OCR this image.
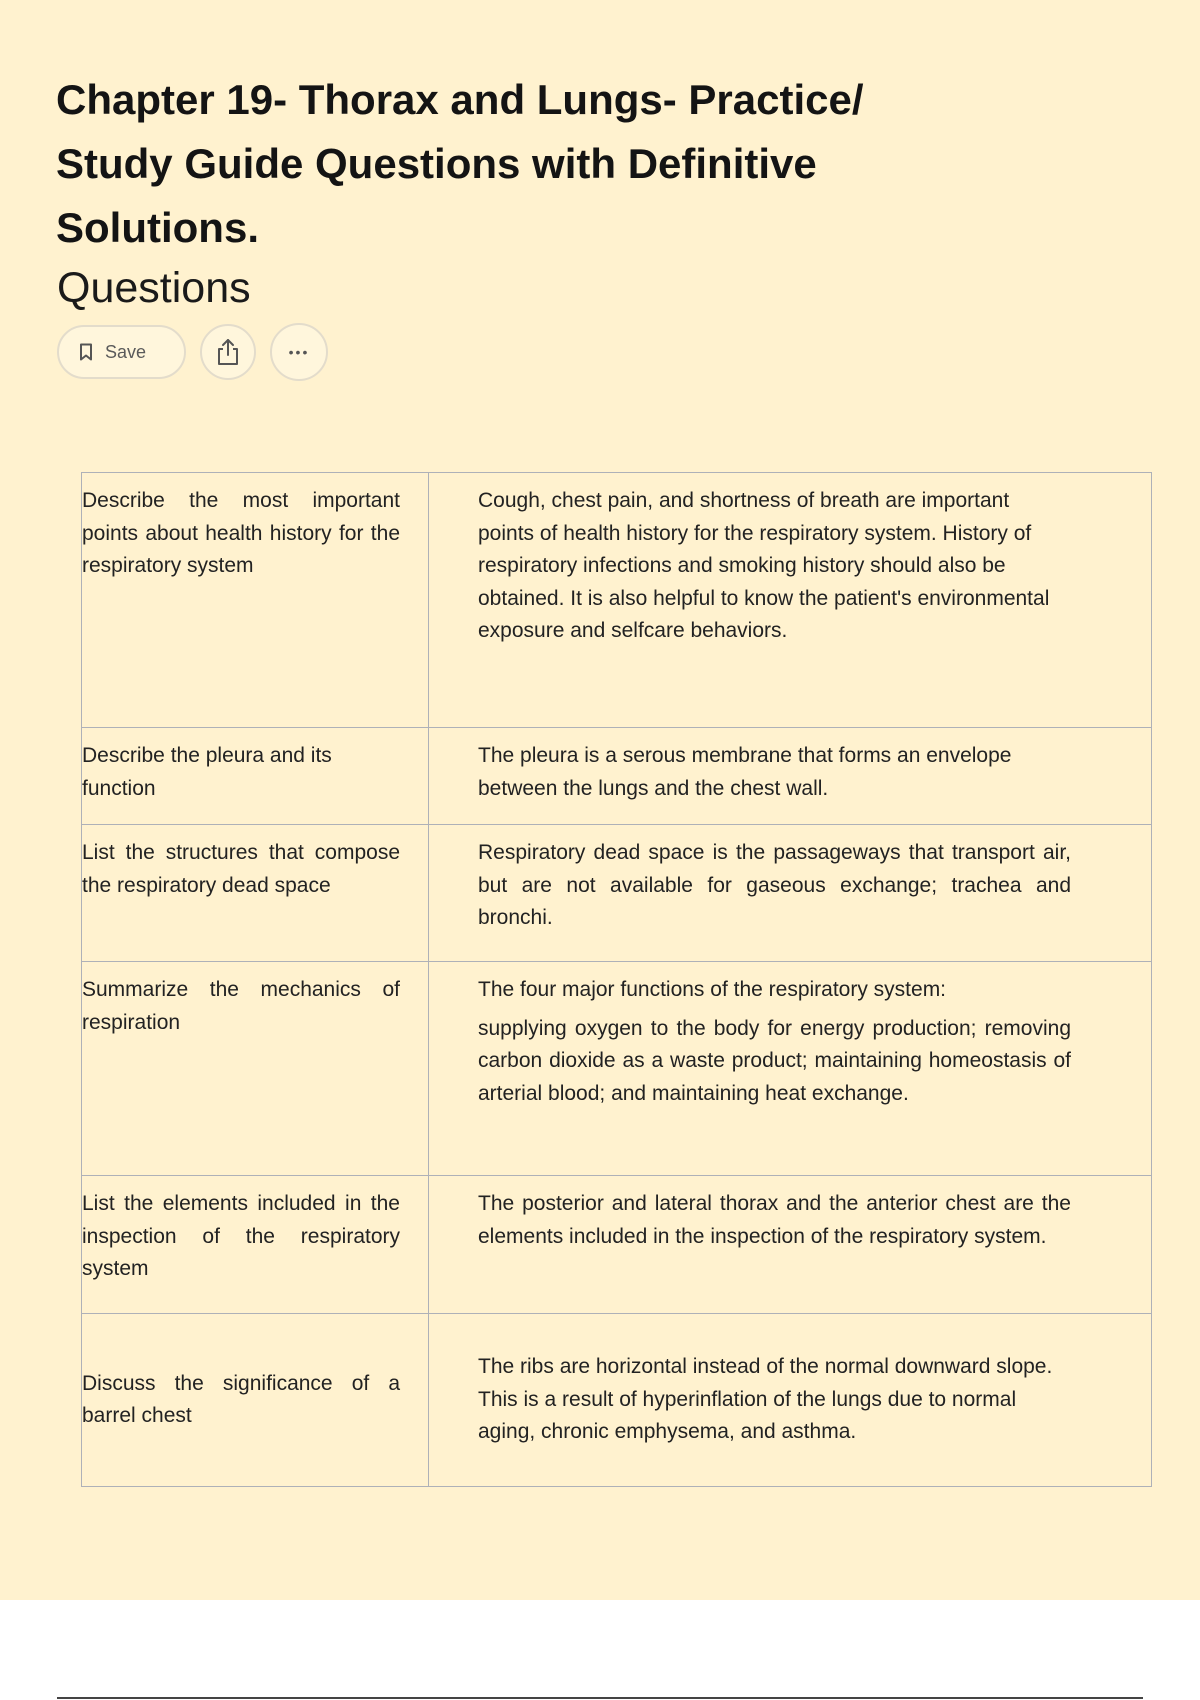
Chapter 19- Thorax and Lungs- Practice/ Study Guide Questions with Definitive Solutions.
Questions
Save	•••
Describe the most important points about health history for the respiratory system	Cough, chest pain, and shortness of breath are important points of health history for the respiratory system. History of respiratory infections and smoking history should also be obtained. It is also helpful to know the patient's environmental exposure and selfcare behaviors.
Describe the pleura and its function	The pleura is a serous membrane that forms an envelope between the lungs and the chest wall.
List the structures that compose the respiratory dead space	Respiratory dead space is the passageways that transport air, but are not available for gaseous exchange; trachea and bronchi.
Summarize the mechanics of respiration	The four major functions of the respiratory system:
supplying oxygen to the body for energy production; removing carbon dioxide as a waste product; maintaining homeostasis of arterial blood; and maintaining heat exchange.
List the elements included in the inspection of the respiratory system	The posterior and lateral thorax and the anterior chest are the elements included in the inspection of the respiratory system.
Discuss the significance of a barrel chest	The ribs are horizontal instead of the normal downward slope. This is a result of hyperinflation of the lungs due to normal aging, chronic emphysema, and asthma.
